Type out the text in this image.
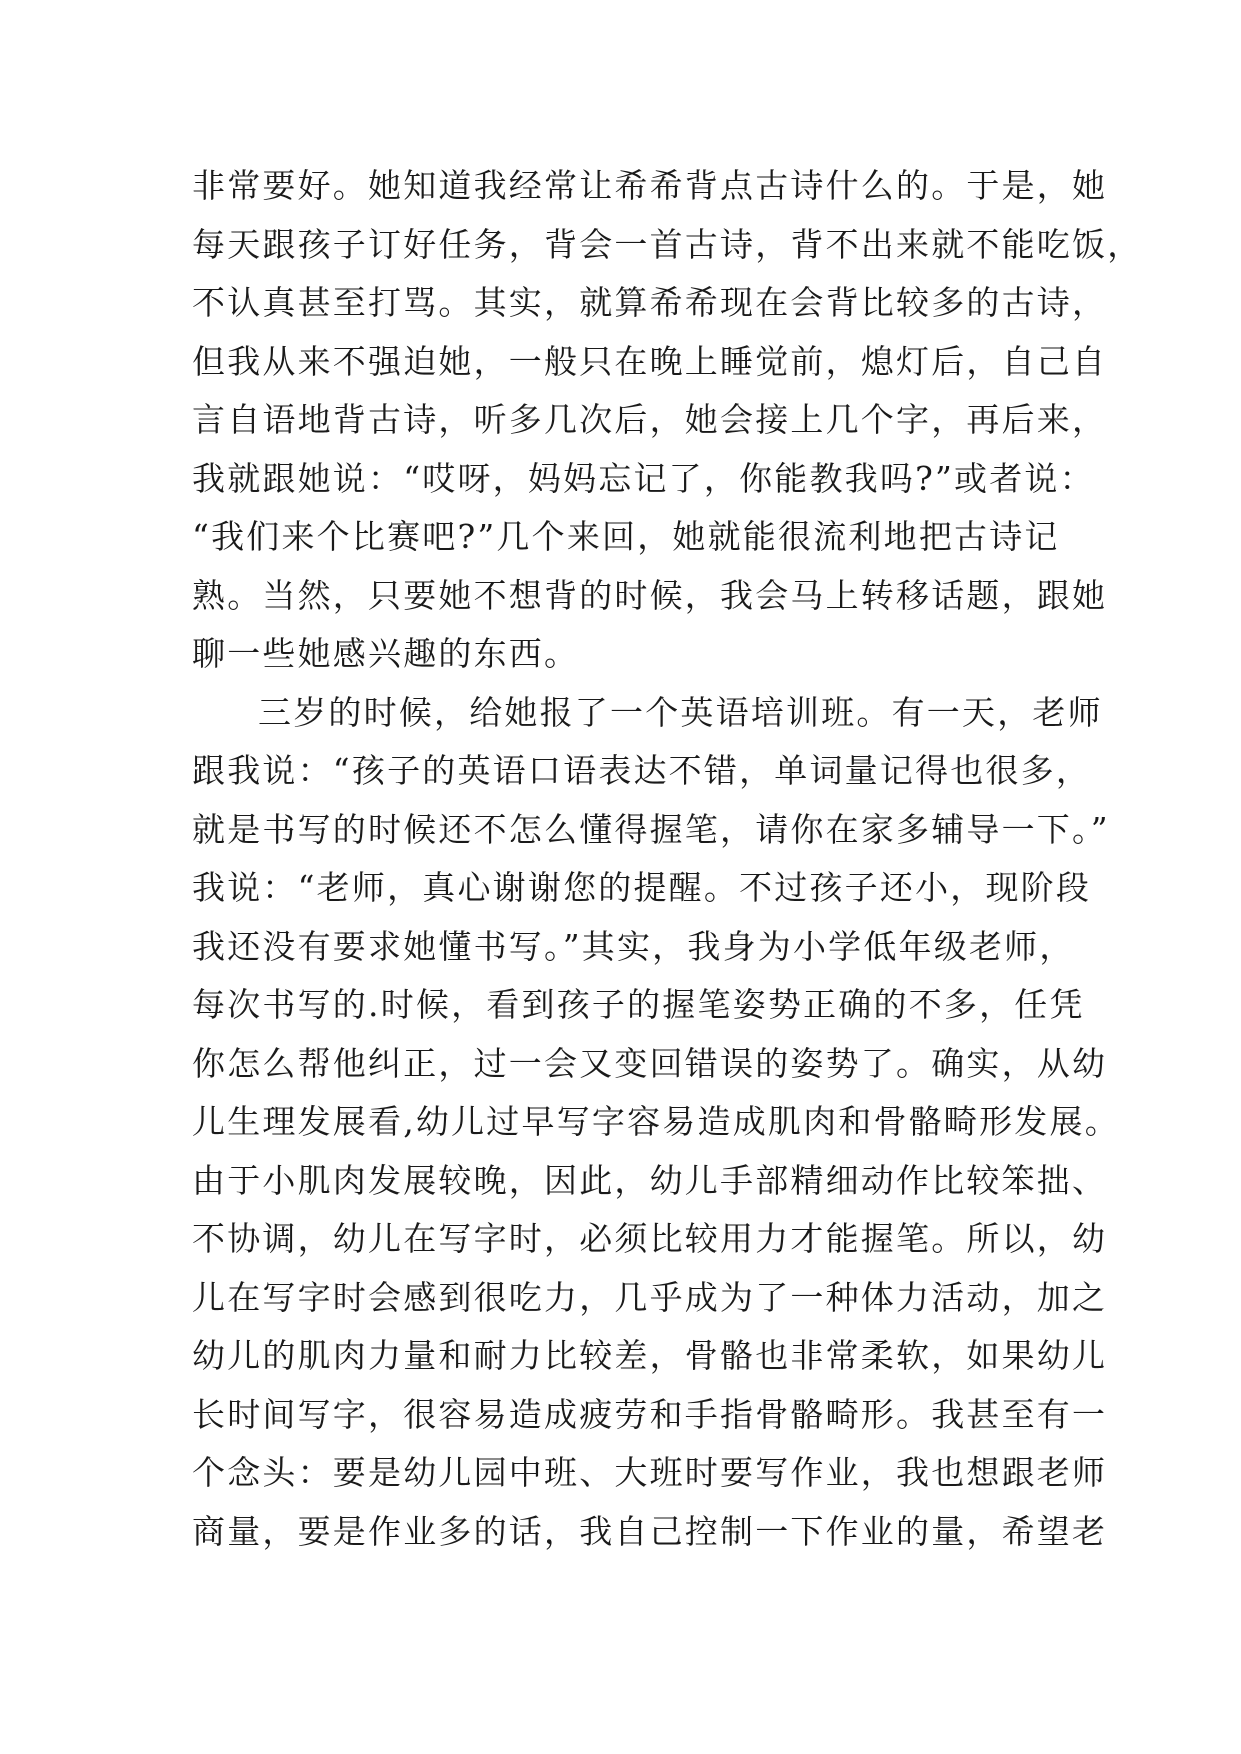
非常要好。她知道我经常让希希背点古诗什么的。于是，她
每天跟孩子订好任务，背会一首古诗，背不出来就不能吃饭，
不认真甚至打骂。其实，就算希希现在会背比较多的古诗，
但我从来不强迫她，一般只在晚上睡觉前，熄灯后，自己自
言自语地背古诗，听多几次后，她会接上几个字，再后来，
我就跟她说：“哎呀，妈妈忘记了，你能教我吗?”或者说：
“我们来个比赛吧?”几个来回，她就能很流利地把古诗记
熟。当然，只要她不想背的时候，我会马上转移话题，跟她
聊一些她感兴趣的东西。
三岁的时候，给她报了一个英语培训班。有一天，老师
跟我说：“孩子的英语口语表达不错，单词量记得也很多，
就是书写的时候还不怎么懂得握笔，请你在家多辅导一下。”
我说：“老师，真心谢谢您的提醒。不过孩子还小，现阶段
我还没有要求她懂书写。”其实，我身为小学低年级老师，
每次书写的.时候，看到孩子的握笔姿势正确的不多，任凭
你怎么帮他纠正，过一会又变回错误的姿势了。确实，从幼
儿生理发展看,幼儿过早写字容易造成肌肉和骨骼畸形发展。
由于小肌肉发展较晚，因此，幼儿手部精细动作比较笨拙、
不协调，幼儿在写字时，必须比较用力才能握笔。所以，幼
儿在写字时会感到很吃力，几乎成为了一种体力活动，加之
幼儿的肌肉力量和耐力比较差，骨骼也非常柔软，如果幼儿
长时间写字，很容易造成疲劳和手指骨骼畸形。我甚至有一
个念头：要是幼儿园中班、大班时要写作业，我也想跟老师
商量，要是作业多的话，我自己控制一下作业的量，希望老
